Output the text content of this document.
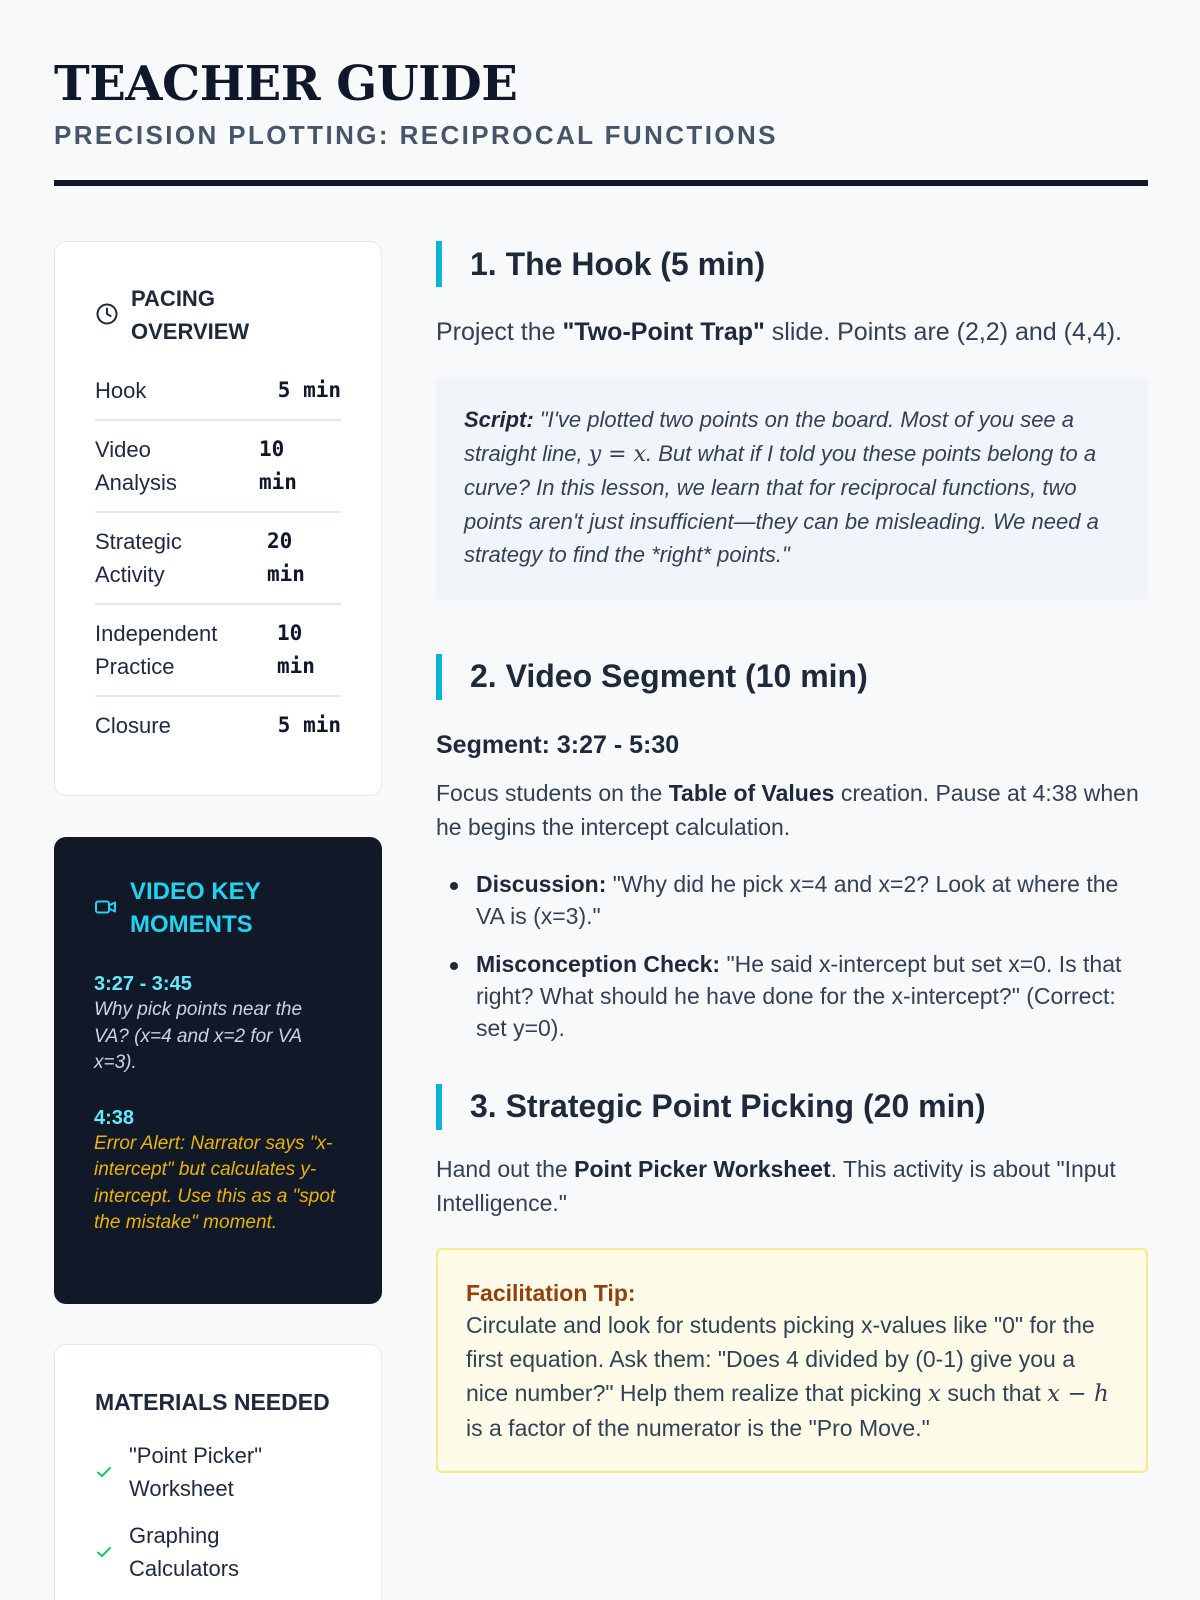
TEACHER GUIDE
PRECISION PLOTTING: RECIPROCAL FUNCTIONS
PACING
OVERVIEW
Hook	5 min
Video
Analysis
10
min
Strategic
Activity
20
min
Independent
Practice
10
min
Closure	5 min
VIDEO KEY
MOMENTS
3:27 - 3:45
Why pick points near the VA? (x=4 and x=2 for VA x=3).
4:38
Error Alert: Narrator says "x-intercept" but calculates y-intercept. Use this as a "spot the mistake" moment.
MATERIALS NEEDED
"Point Picker"
Worksheet
Graphing
Calculators
1. The Hook (5 min)

Project the "Two-Point Trap" slide. Points are (2,2) and (4,4).

Script: "I've plotted two points on the board. Most of you see a straight line, y = x. But what if I told you these points belong to a curve? In this lesson, we learn that for reciprocal functions, two points aren't just insufficient—they can be misleading. We need a strategy to find the *right* points."
2. Video Segment (10 min)
Segment: 3:27 - 5:30

Focus students on the Table of Values creation. Pause at 4:38 when he begins the intercept calculation.

Discussion: "Why did he pick x=4 and x=2? Look at where the VA is (x=3)."
Misconception Check: "He said x-intercept but set x=0. Is that right? What should he have done for the x-intercept?" (Correct: set y=0).
3. Strategic Point Picking (20 min)

Hand out the Point Picker Worksheet. This activity is about "Input Intelligence."

Facilitation Tip:
Circulate and look for students picking x-values like "0" for the first equation. Ask them: "Does 4 divided by (0-1) give you a nice number?" Help them realize that picking x such that x − h is a factor of the numerator is the "Pro Move."
